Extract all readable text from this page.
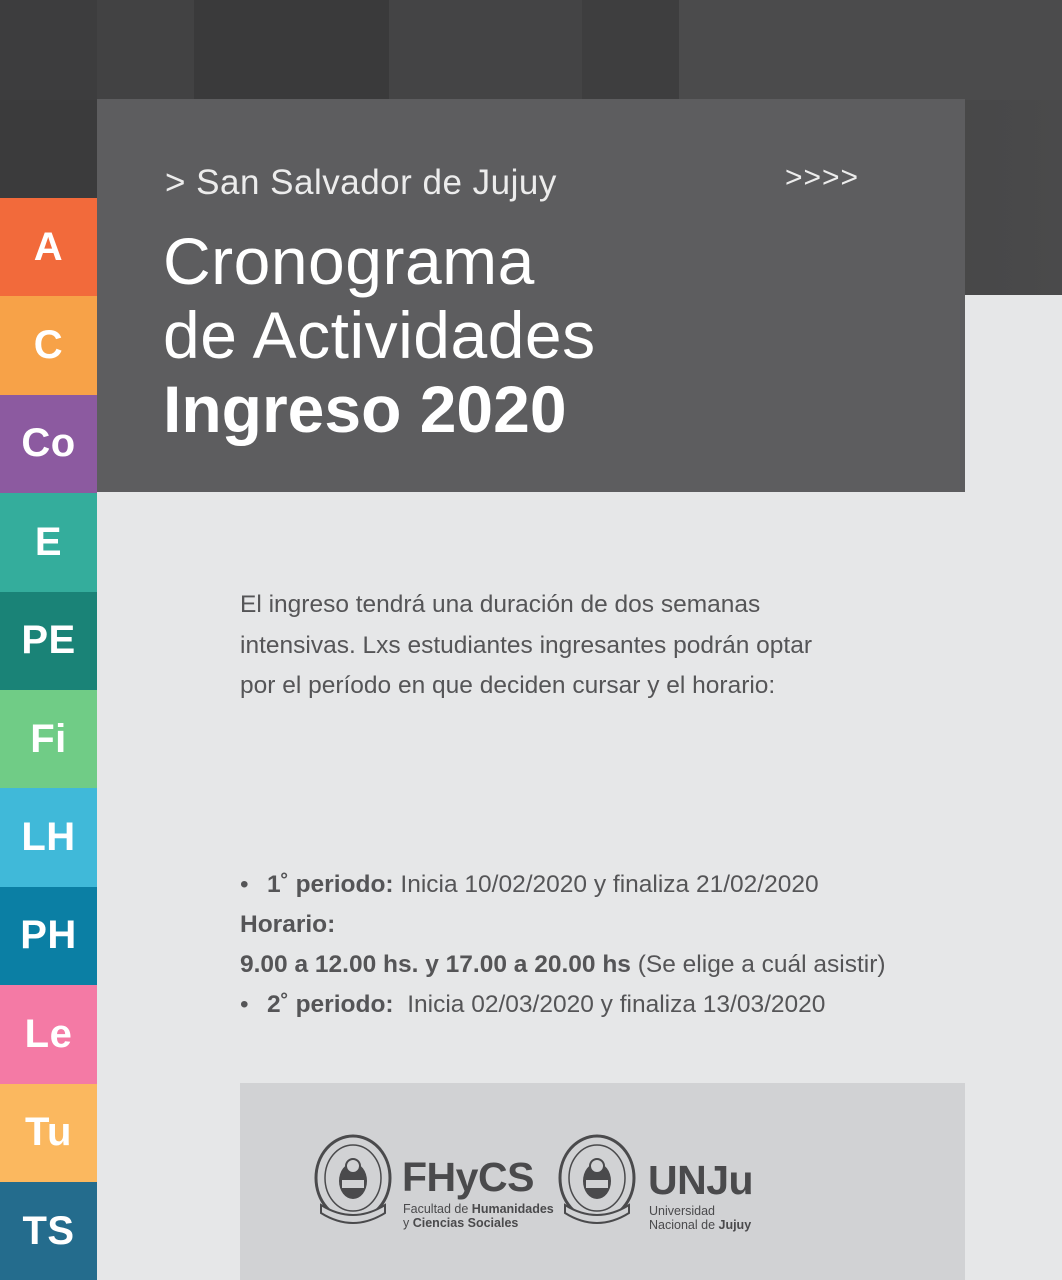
A
C
Co
E
PE
Fi
LH
PH
Le
Tu
TS
> San Salvador de Jujuy	>>>>
Cronograma
de Actividades
Ingreso 2020

El ingreso tendrá una duración de dos semanas
intensivas. Lxs estudiantes ingresantes podrán optar
por el período en que deciden cursar y el horario:

• 1˚ periodo: Inicia 10/02/2020 y finaliza 21/02/2020
• 2˚ periodo:  Inicia 02/03/2020 y finaliza 13/03/2020
Horario:
9.00 a 12.00 hs. y 17.00 a 20.00 hs (Se elige a cuál asistir)
FHyCS
Facultad de Humanidades
y Ciencias Sociales
UNJu
Universidad
Nacional de Jujuy
